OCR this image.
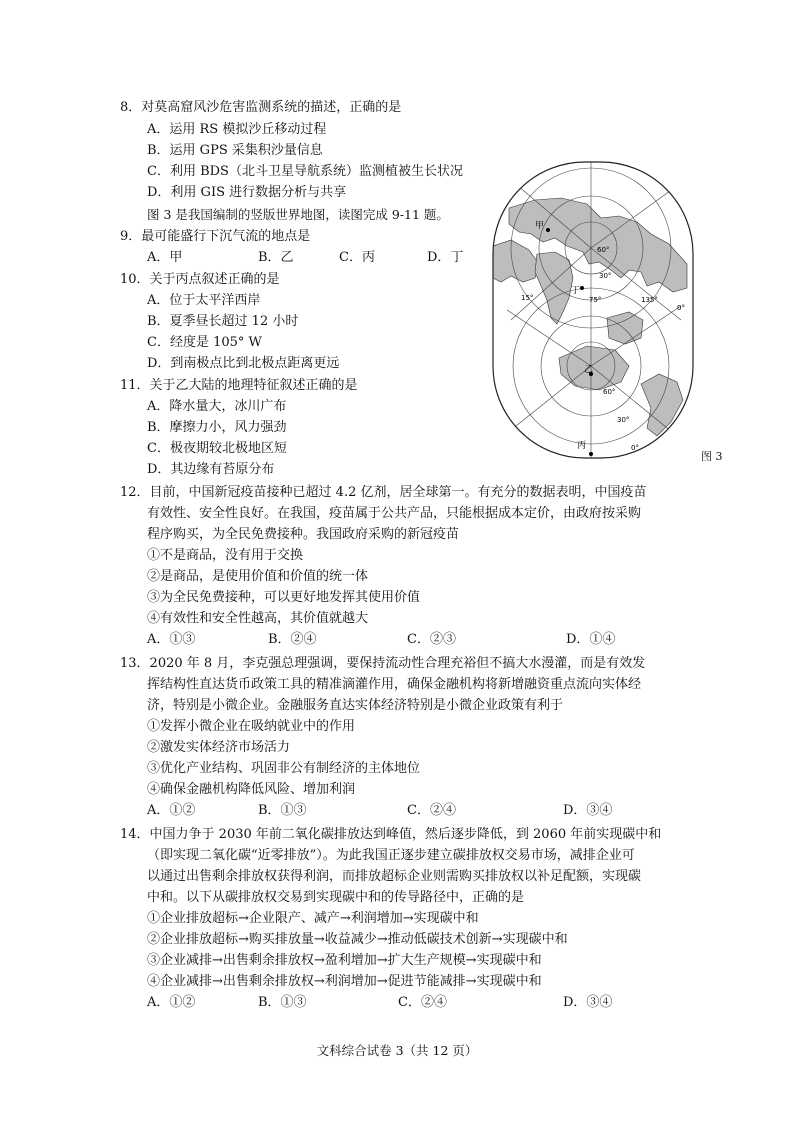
8．对莫高窟风沙危害监测系统的描述，正确的是
A．运用 RS 模拟沙丘移动过程
B．运用 GPS 采集积沙量信息
C．利用 BDS（北斗卫星导航系统）监测植被生长状况
D．利用 GIS 进行数据分析与共享
图 3 是我国编制的竖版世界地图，读图完成 9-11 题。
9．最可能盛行下沉气流的地点是
A．甲	B．乙	C．丙	D．丁
10．关于丙点叙述正确的是
A．位于太平洋西岸
B．夏季昼长超过 12 小时
C．经度是 105° W
D．到南极点比到北极点距离更远
11．关于乙大陆的地理特征叙述正确的是
A．降水量大，冰川广布
B．摩擦力小，风力强劲
C．极夜期较北极地区短
D．其边缘有苔原分布
甲
丁
乙
丙
60°
30°
0°
15°	75°	135°
60°
30°
0°
图 3
12．目前，中国新冠疫苗接种已超过 4.2 亿剂，居全球第一。有充分的数据表明，中国疫苗
有效性、安全性良好。在我国，疫苗属于公共产品，只能根据成本定价，由政府按采购
程序购买，为全民免费接种。我国政府采购的新冠疫苗
①不是商品，没有用于交换
②是商品，是使用价值和价值的统一体
③为全民免费接种，可以更好地发挥其使用价值
④有效性和安全性越高，其价值就越大
A．①③	B．②④	C．②③	D．①④
13．2020 年 8 月，李克强总理强调，要保持流动性合理充裕但不搞大水漫灌，而是有效发
挥结构性直达货币政策工具的精准滴灌作用，确保金融机构将新增融资重点流向实体经
济，特别是小微企业。金融服务直达实体经济特别是小微企业政策有利于
①发挥小微企业在吸纳就业中的作用
②激发实体经济市场活力
③优化产业结构、巩固非公有制经济的主体地位
④确保金融机构降低风险、增加利润
A．①②	B．①③	C．②④	D．③④
14．中国力争于 2030 年前二氧化碳排放达到峰值，然后逐步降低，到 2060 年前实现碳中和
（即实现二氧化碳“近零排放”）。为此我国正逐步建立碳排放权交易市场，减排企业可
以通过出售剩余排放权获得利润，而排放超标企业则需购买排放权以补足配额，实现碳
中和。以下从碳排放权交易到实现碳中和的传导路径中，正确的是
①企业排放超标→企业限产、减产→利润增加→实现碳中和
②企业排放超标→购买排放量→收益减少→推动低碳技术创新→实现碳中和
③企业减排→出售剩余排放权→盈利增加→扩大生产规模→实现碳中和
④企业减排→出售剩余排放权→利润增加→促进节能减排→实现碳中和
A．①②	B．①③	C．②④	D．③④
文科综合试卷 3（共 12 页）
